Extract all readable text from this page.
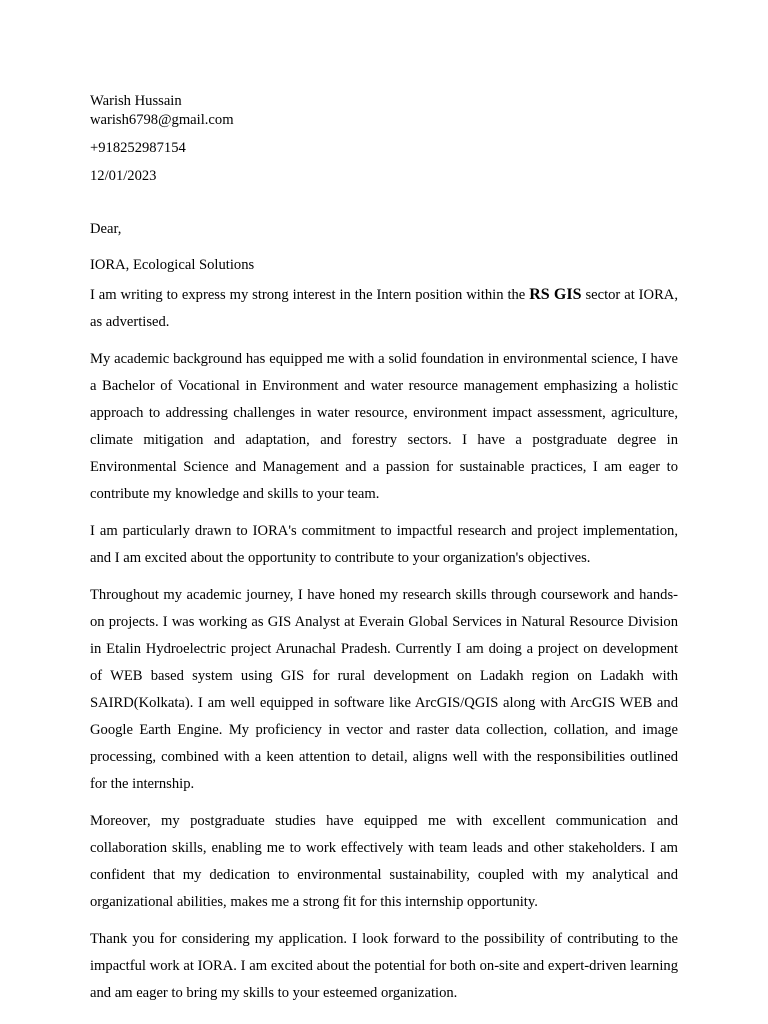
Warish Hussain
warish6798@gmail.com
+918252987154
12/01/2023
Dear,
IORA, Ecological Solutions

I am writing to express my strong interest in the Intern position within the RS GIS sector at IORA, as advertised.

My academic background has equipped me with a solid foundation in environmental science, I have a Bachelor of Vocational in Environment and water resource management emphasizing a holistic approach to addressing challenges in water resource, environment impact assessment, agriculture, climate mitigation and adaptation, and forestry sectors. I have a postgraduate degree in Environmental Science and Management and a passion for sustainable practices, I am eager to contribute my knowledge and skills to your team.

I am particularly drawn to IORA's commitment to impactful research and project implementation, and I am excited about the opportunity to contribute to your organization's objectives.

Throughout my academic journey, I have honed my research skills through coursework and hands-on projects. I was working as GIS Analyst at Everain Global Services in Natural Resource Division in Etalin Hydroelectric project Arunachal Pradesh. Currently I am doing a project on development of WEB based system using GIS for rural development on Ladakh region on Ladakh with SAIRD(Kolkata). I am well equipped in software like ArcGIS/QGIS along with ArcGIS WEB and Google Earth Engine. My proficiency in vector and raster data collection, collation, and image processing, combined with a keen attention to detail, aligns well with the responsibilities outlined for the internship.

Moreover, my postgraduate studies have equipped me with excellent communication and collaboration skills, enabling me to work effectively with team leads and other stakeholders. I am confident that my dedication to environmental sustainability, coupled with my analytical and organizational abilities, makes me a strong fit for this internship opportunity.

Thank you for considering my application. I look forward to the possibility of contributing to the impactful work at IORA. I am excited about the potential for both on-site and expert-driven learning and am eager to bring my skills to your esteemed organization.
